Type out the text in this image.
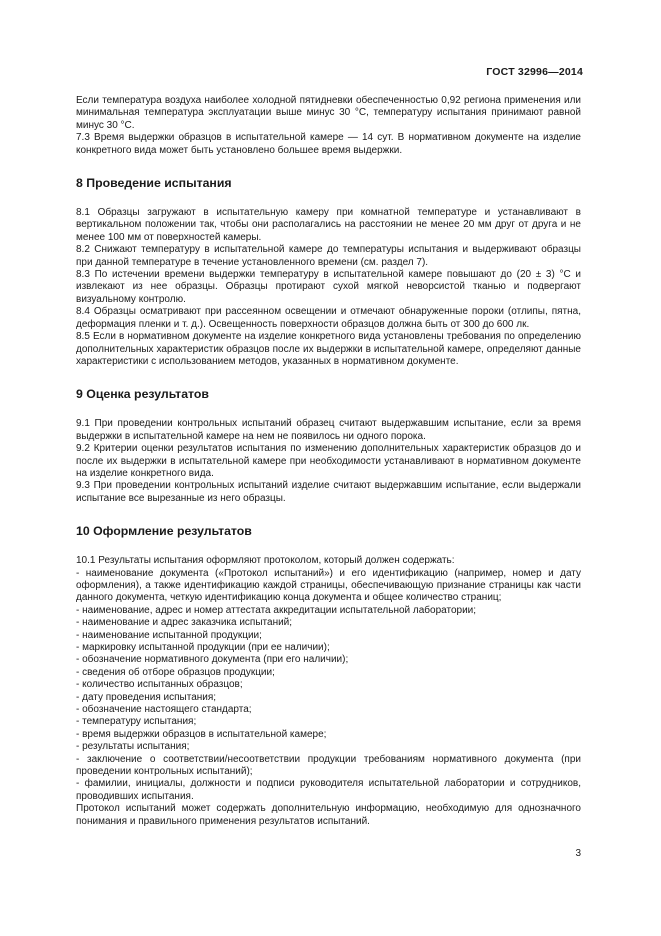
ГОСТ 32996—2014

Если температура воздуха наиболее холодной пятидневки обеспеченностью 0,92 региона применения или минимальная температура эксплуатации выше минус 30 °С, температуру испытания принимают равной минус 30 °С.

7.3 Время выдержки образцов в испытательной камере — 14 сут. В нормативном документе на изделие конкретного вида может быть установлено большее время выдержки.

8 Проведение испытания

8.1 Образцы загружают в испытательную камеру при комнатной температуре и устанавливают в вертикальном положении так, чтобы они располагались на расстоянии не менее 20 мм друг от друга и не менее 100 мм от поверхностей камеры.

8.2 Снижают температуру в испытательной камере до температуры испытания и выдерживают образцы при данной температуре в течение установленного времени (см. раздел 7).

8.3 По истечении времени выдержки температуру в испытательной камере повышают до (20 ± 3) °С и извлекают из нее образцы. Образцы протирают сухой мягкой неворсистой тканью и подвергают визуальному контролю.

8.4 Образцы осматривают при рассеянном освещении и отмечают обнаруженные пороки (отлипы, пятна, деформация пленки и т. д.). Освещенность поверхности образцов должна быть от 300 до 600 лк.

8.5 Если в нормативном документе на изделие конкретного вида установлены требования по определению дополнительных характеристик образцов после их выдержки в испытательной камере, определяют данные характеристики с использованием методов, указанных в нормативном документе.

9 Оценка результатов

9.1 При проведении контрольных испытаний образец считают выдержавшим испытание, если за время выдержки в испытательной камере на нем не появилось ни одного порока.

9.2 Критерии оценки результатов испытания по изменению дополнительных характеристик образцов до и после их выдержки в испытательной камере при необходимости устанавливают в нормативном документе на изделие конкретного вида.

9.3 При проведении контрольных испытаний изделие считают выдержавшим испытание, если выдержали испытание все вырезанные из него образцы.

10 Оформление результатов

10.1 Результаты испытания оформляют протоколом, который должен содержать:

- наименование документа («Протокол испытаний») и его идентификацию (например, номер и дату оформления), а также идентификацию каждой страницы, обеспечивающую признание страницы как части данного документа, четкую идентификацию конца документа и общее количество страниц;

- наименование, адрес и номер аттестата аккредитации испытательной лаборатории;

- наименование и адрес заказчика испытаний;

- наименование испытанной продукции;

- маркировку испытанной продукции (при ее наличии);

- обозначение нормативного документа (при его наличии);

- сведения об отборе образцов продукции;

- количество испытанных образцов;

- дату проведения испытания;

- обозначение настоящего стандарта;

- температуру испытания;

- время выдержки образцов в испытательной камере;

- результаты испытания;

- заключение о соответствии/несоответствии продукции требованиям нормативного документа (при проведении контрольных испытаний);

- фамилии, инициалы, должности и подписи руководителя испытательной лаборатории и сотрудников, проводивших испытания.

Протокол испытаний может содержать дополнительную информацию, необходимую для однозначного понимания и правильного применения результатов испытаний.

3
